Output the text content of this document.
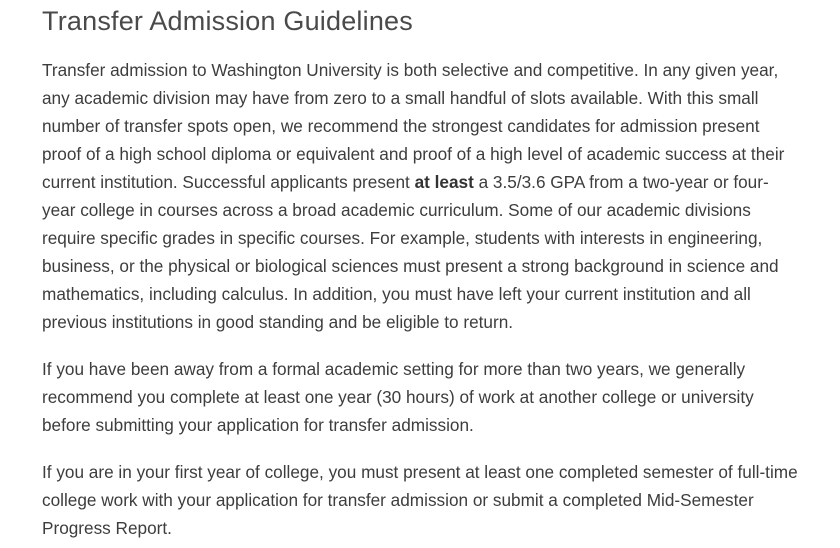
Transfer Admission Guidelines

Transfer admission to Washington University is both selective and competitive. In any given year, any academic division may have from zero to a small handful of slots available. With this small number of transfer spots open, we recommend the strongest candidates for admission present proof of a high school diploma or equivalent and proof of a high level of academic success at their current institution. Successful applicants present at least a 3.5/3.6 GPA from a two-year or four-year college in courses across a broad academic curriculum. Some of our academic divisions require specific grades in specific courses. For example, students with interests in engineering, business, or the physical or biological sciences must present a strong background in science and mathematics, including calculus. In addition, you must have left your current institution and all previous institutions in good standing and be eligible to return.

If you have been away from a formal academic setting for more than two years, we generally recommend you complete at least one year (30 hours) of work at another college or university before submitting your application for transfer admission.

If you are in your first year of college, you must present at least one completed semester of full-time college work with your application for transfer admission or submit a completed Mid-Semester Progress Report.
